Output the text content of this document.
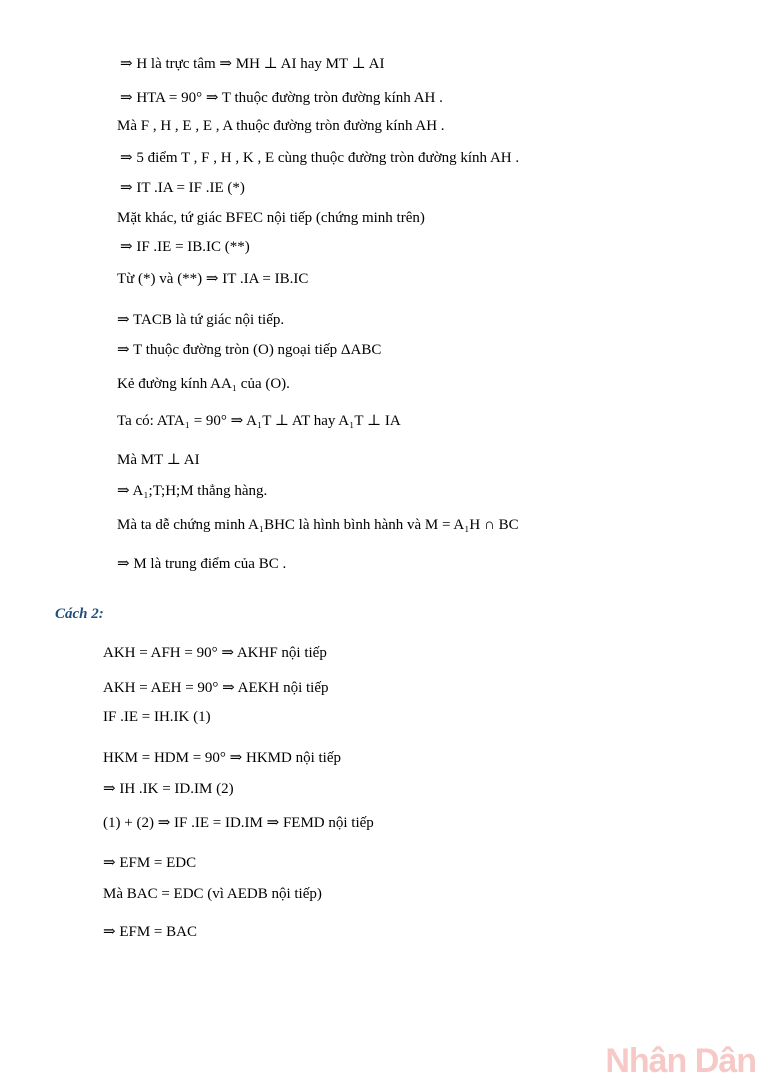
⇒ H là trực tâm ⇒ MH ⊥ AI hay MT ⊥ AI
⇒ HTA = 90° ⇒ T thuộc đường tròn đường kính AH .
Mà F , H , E , E , A thuộc đường tròn đường kính AH .
⇒ 5 điểm T , F , H , K , E cùng thuộc đường tròn đường kính AH .
⇒ IT .IA = IF .IE (*)
Mặt khác, tứ giác BFEC nội tiếp (chứng minh trên)
⇒ IF .IE = IB.IC (**)
Từ (*) và (**) ⇒ IT .IA = IB.IC
⇒ TACB là tứ giác nội tiếp.
⇒ T thuộc đường tròn (O) ngoại tiếp ΔABC
Kẻ đường kính AA₁ của (O).
Ta có: ATA₁ = 90° ⇒ A₁T ⊥ AT hay A₁T ⊥ IA
Mà MT ⊥ AI
⇒ A₁;T;H;M thẳng hàng.
Mà ta dễ chứng minh A₁BHC là hình bình hành và M = A₁H ∩ BC
⇒ M là trung điểm của BC .
Cách 2:
AKH = AFH = 90° ⇒ AKHF nội tiếp
AKH = AEH = 90° ⇒ AEKH nội tiếp
IF .IE = IH.IK (1)
HKM = HDM = 90° ⇒ HKMD nội tiếp
⇒ IH .IK = ID.IM (2)
(1) + (2) ⇒ IF .IE = ID.IM ⇒ FEMD nội tiếp
⇒ EFM = EDC
Mà BAC = EDC (vì AEDB nội tiếp)
⇒ EFM = BAC
Nhân Dân
